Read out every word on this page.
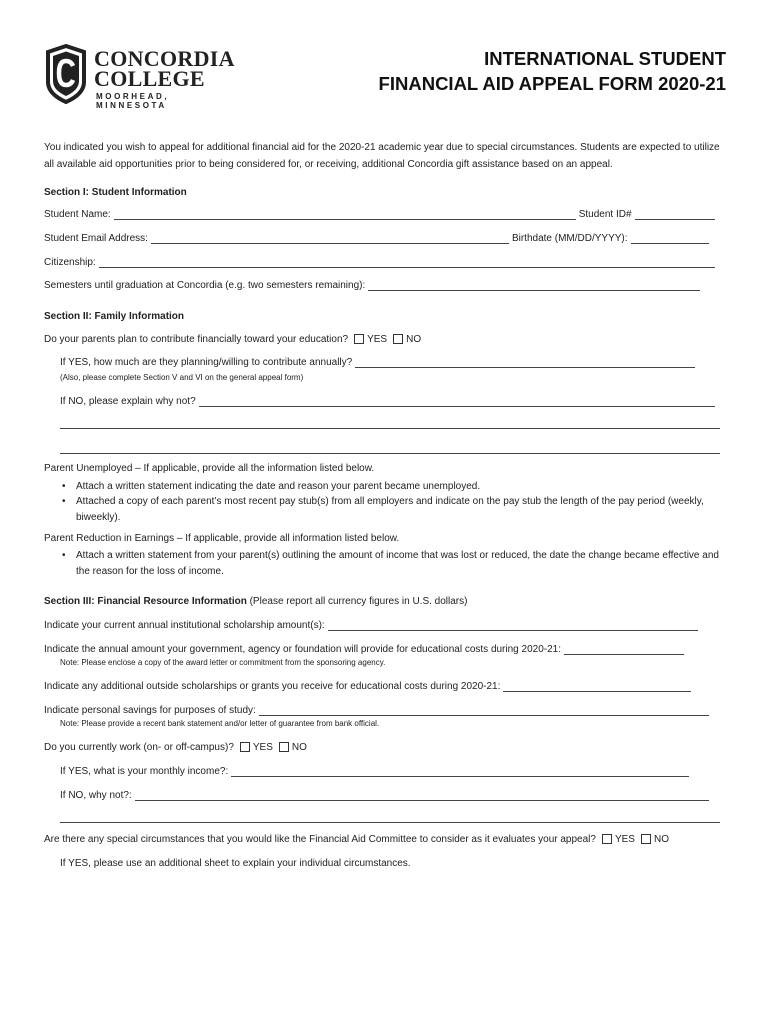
CONCORDIA
COLLEGE
MOORHEAD, MINNESOTA
INTERNATIONAL STUDENT
FINANCIAL AID APPEAL FORM 2020-21
You indicated you wish to appeal for additional financial aid for the 2020-21 academic year due to special circumstances. Students are expected to utilize all available aid opportunities prior to being considered for, or receiving, additional Concordia gift assistance based on an appeal.
Section I: Student Information
Student Name:	Student ID#
Student Email Address:	Birthdate (MM/DD/YYYY):
Citizenship:
Semesters until graduation at Concordia (e.g. two semesters remaining):
Section II: Family Information
Do your parents plan to contribute financially toward your education? YES NO
If YES, how much are they planning/willing to contribute annually?
(Also, please complete Section V and VI on the general appeal form)
If NO, please explain why not?
Parent Unemployed – If applicable, provide all the information listed below.
• Attach a written statement indicating the date and reason your parent became unemployed.
• Attached a copy of each parent’s most recent pay stub(s) from all employers and indicate on the pay stub the length of the pay period (weekly, biweekly).
Parent Reduction in Earnings – If applicable, provide all information listed below.
• Attach a written statement from your parent(s) outlining the amount of income that was lost or reduced, the date the change became effective and the reason for the loss of income.
Section III: Financial Resource Information (Please report all currency figures in U.S. dollars)
Indicate your current annual institutional scholarship amount(s):
Indicate the annual amount your government, agency or foundation will provide for educational costs during 2020-21:
Note: Please enclose a copy of the award letter or commitment from the sponsoring agency.
Indicate any additional outside scholarships or grants you receive for educational costs during 2020-21:
Indicate personal savings for purposes of study:
Note: Please provide a recent bank statement and/or letter of guarantee from bank official.
Do you currently work (on- or off-campus)? YES NO
If YES, what is your monthly income?:
If NO, why not?:
Are there any special circumstances that you would like the Financial Aid Committee to consider as it evaluates your appeal? YES NO
If YES, please use an additional sheet to explain your individual circumstances.
